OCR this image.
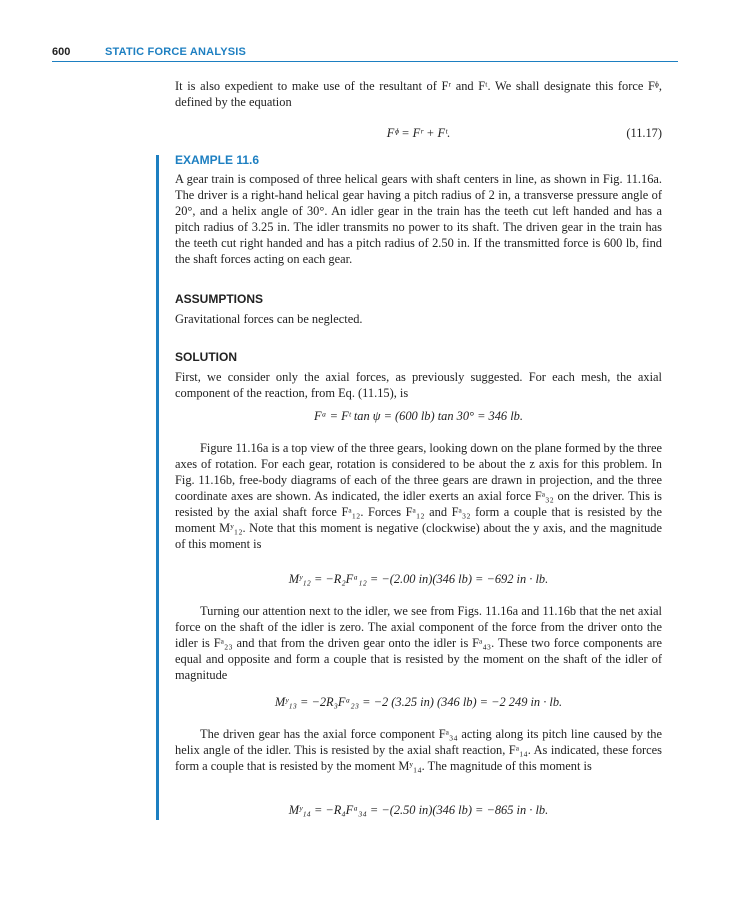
600	STATIC FORCE ANALYSIS

It is also expedient to make use of the resultant of Fʳ and Fᵗ. We shall designate this force Fᶲ, defined by the equation

Fᶲ = Fʳ + Fᵗ.	(11.17)
EXAMPLE 11.6

A gear train is composed of three helical gears with shaft centers in line, as shown in Fig. 11.16a. The driver is a right-hand helical gear having a pitch radius of 2 in, a transverse pressure angle of 20°, and a helix angle of 30°. An idler gear in the train has the teeth cut left handed and has a pitch radius of 3.25 in. The idler transmits no power to its shaft. The driven gear in the train has the teeth cut right handed and has a pitch radius of 2.50 in. If the transmitted force is 600 lb, find the shaft forces acting on each gear.

ASSUMPTIONS

Gravitational forces can be neglected.

SOLUTION

First, we consider only the axial forces, as previously suggested. For each mesh, the axial component of the reaction, from Eq. (11.15), is

Fᵃ = Fᵗ tan ψ = (600 lb) tan 30° = 346 lb.

Figure 11.16a is a top view of the three gears, looking down on the plane formed by the three axes of rotation. For each gear, rotation is considered to be about the z axis for this problem. In Fig. 11.16b, free-body diagrams of each of the three gears are drawn in projection, and the three coordinate axes are shown. As indicated, the idler exerts an axial force Fᵃ₃₂ on the driver. This is resisted by the axial shaft force Fᵃ₁₂. Forces Fᵃ₁₂ and Fᵃ₃₂ form a couple that is resisted by the moment Mʸ₁₂. Note that this moment is negative (clockwise) about the y axis, and the magnitude of this moment is

Mʸ₁₂ = −R₂Fᵃ₁₂ = −(2.00 in)(346 lb) = −692 in · lb.

Turning our attention next to the idler, we see from Figs. 11.16a and 11.16b that the net axial force on the shaft of the idler is zero. The axial component of the force from the driver onto the idler is Fᵃ₂₃ and that from the driven gear onto the idler is Fᵃ₄₃. These two force components are equal and opposite and form a couple that is resisted by the moment on the shaft of the idler of magnitude

Mʸ₁₃ = −2R₃Fᵃ₂₃ = −2 (3.25 in) (346 lb) = −2 249 in · lb.

The driven gear has the axial force component Fᵃ₃₄ acting along its pitch line caused by the helix angle of the idler. This is resisted by the axial shaft reaction, Fᵃ₁₄. As indicated, these forces form a couple that is resisted by the moment Mʸ₁₄. The magnitude of this moment is

Mʸ₁₄ = −R₄Fᵃ₃₄ = −(2.50 in)(346 lb) = −865 in · lb.
